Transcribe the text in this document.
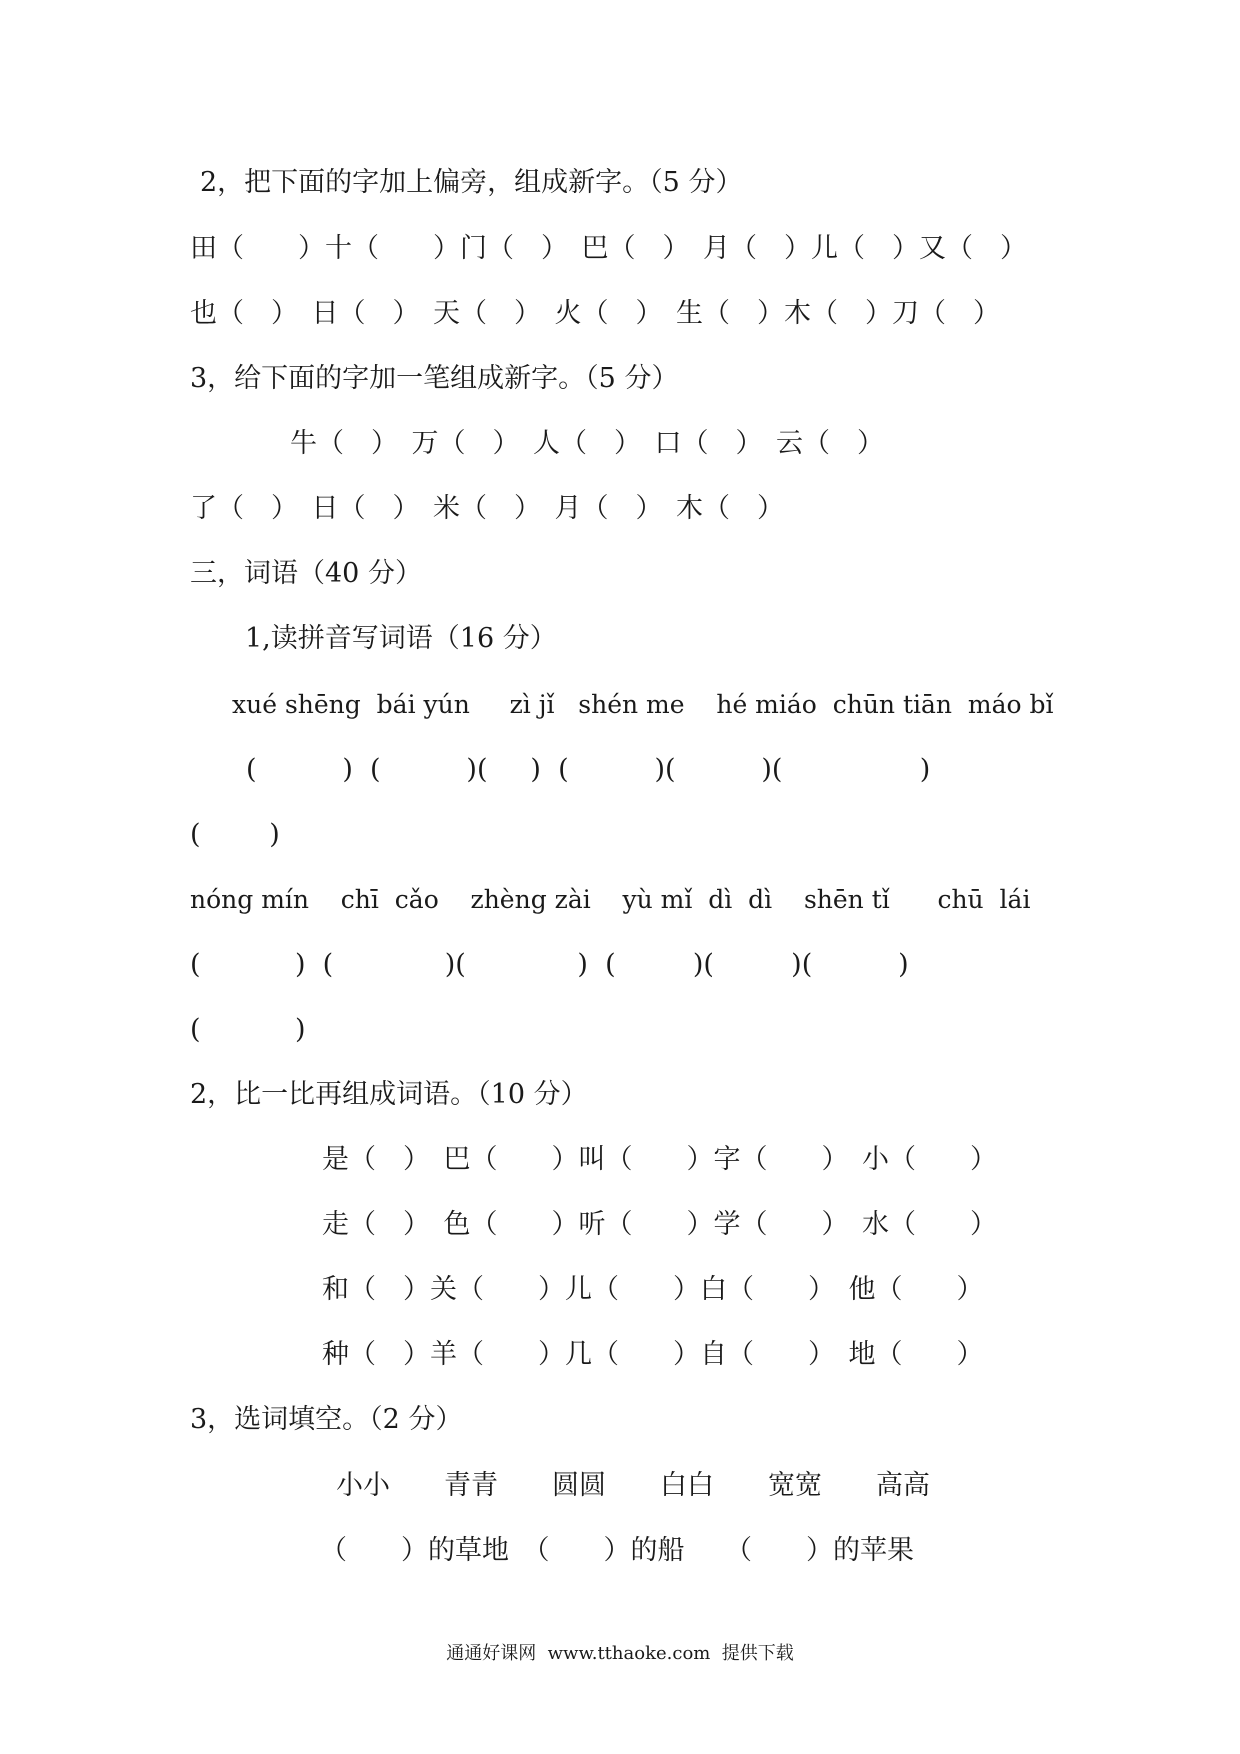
2，把下面的字加上偏旁，组成新字。（5 分）
田（　　）十（　　）门（　）　巴（　）　月（　）儿（　）又（　）
也（　）　日（　）　天（　）　火（　）　生（　）木（　）刀（　）
3，给下面的字加一笔组成新字。（5 分）
牛（　）　万（　）　人（　）　口（　）　云（　）
了（　）　日（　）　米（　）　月（　）　木（　）
三，词语（40 分）
1,读拼音写词语（16 分）
xué shēng  bái yún     zì jǐ   shén me    hé miáo  chūn tiān  máo bǐ
(          )  (          )(     )  (          )(          )(                )
(        )
nóng mín    chī  cǎo    zhèng zài    yù mǐ  dì  dì    shēn tǐ      chū  lái
(           )  (             )(             )  (         )(         )(          )
(           )
2，比一比再组成词语。（10 分）
是（　）　巴（　　）叫（　　）字（　　）　小（　　）
走（　）　色（　　）听（　　）学（　　）　水（　　）
和（　）关（　　）儿（　　）白（　　）　他（　　）
种（　）羊（　　）几（　　）自（　　）　地（　　）
3，选词填空。（2 分）
小小　　青青　　圆圆　　白白　　宽宽　　高高
（　　）的草地　（　　）的船　　（　　）的苹果
通通好课网  www.tthaoke.com  提供下载
